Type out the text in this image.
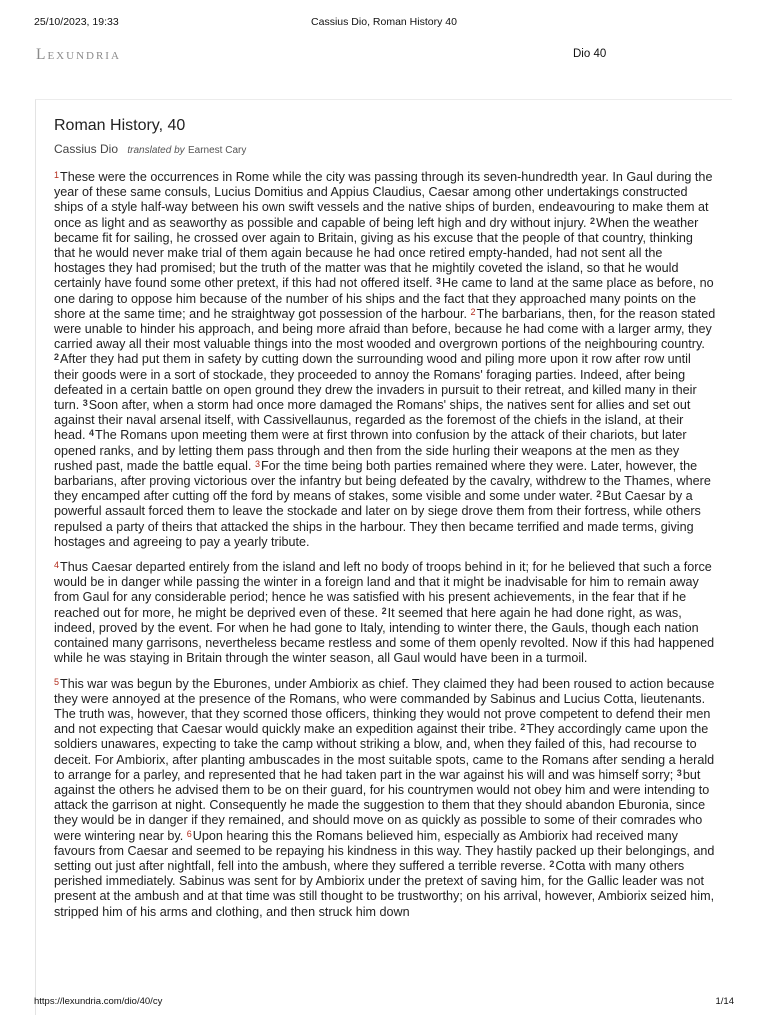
25/10/2023, 19:33	Cassius Dio, Roman History 40
Lexundria	Dio 40
Roman History, 40
Cassius Dio translated by Earnest Cary

$^1$These were the occurrences in Rome while the city was passing through its seven-hundredth year. In Gaul during the year of these same consuls, Lucius Domitius and Appius Claudius, Caesar among other undertakings constructed ships of a style half-way between his own swift vessels and the native ships of burden, endeavouring to make them at once as light and as seaworthy as possible and capable of being left high and dry without injury. $^2$When the weather became fit for sailing, he crossed over again to Britain, giving as his excuse that the people of that country, thinking that he would never make trial of them again because he had once retired empty-handed, had not sent all the hostages they had promised; but the truth of the matter was that he mightily coveted the island, so that he would certainly have found some other pretext, if this had not offered itself. $^3$He came to land at the same place as before, no one daring to oppose him because of the number of his ships and the fact that they approached many points on the shore at the same time; and he straightway got possession of the harbour. $^2$The barbarians, then, for the reason stated were unable to hinder his approach, and being more afraid than before, because he had come with a larger army, they carried away all their most valuable things into the most wooded and overgrown portions of the neighbouring country. $^2$After they had put them in safety by cutting down the surrounding wood and piling more upon it row after row until their goods were in a sort of stockade, they proceeded to annoy the Romans' foraging parties. Indeed, after being defeated in a certain battle on open ground they drew the invaders in pursuit to their retreat, and killed many in their turn. $^3$Soon after, when a storm had once more damaged the Romans' ships, the natives sent for allies and set out against their naval arsenal itself, with Cassivellaunus, regarded as the foremost of the chiefs in the island, at their head. $^4$The Romans upon meeting them were at first thrown into confusion by the attack of their chariots, but later opened ranks, and by letting them pass through and then from the side hurling their weapons at the men as they rushed past, made the battle equal. $^3$For the time being both parties remained where they were. Later, however, the barbarians, after proving victorious over the infantry but being defeated by the cavalry, withdrew to the Thames, where they encamped after cutting off the ford by means of stakes, some visible and some under water. $^2$But Caesar by a powerful assault forced them to leave the stockade and later on by siege drove them from their fortress, while others repulsed a party of theirs that attacked the ships in the harbour. They then became terrified and made terms, giving hostages and agreeing to pay a yearly tribute.

$^4$Thus Caesar departed entirely from the island and left no body of troops behind in it; for he believed that such a force would be in danger while passing the winter in a foreign land and that it might be inadvisable for him to remain away from Gaul for any considerable period; hence he was satisfied with his present achievements, in the fear that if he reached out for more, he might be deprived even of these. $^2$It seemed that here again he had done right, as was, indeed, proved by the event. For when he had gone to Italy, intending to winter there, the Gauls, though each nation contained many garrisons, nevertheless became restless and some of them openly revolted. Now if this had happened while he was staying in Britain through the winter season, all Gaul would have been in a turmoil.

$^5$This war was begun by the Eburones, under Ambiorix as chief. They claimed they had been roused to action because they were annoyed at the presence of the Romans, who were commanded by Sabinus and Lucius Cotta, lieutenants. The truth was, however, that they scorned those officers, thinking they would not prove competent to defend their men and not expecting that Caesar would quickly make an expedition against their tribe. $^2$They accordingly came upon the soldiers unawares, expecting to take the camp without striking a blow, and, when they failed of this, had recourse to deceit. For Ambiorix, after planting ambuscades in the most suitable spots, came to the Romans after sending a herald to arrange for a parley, and represented that he had taken part in the war against his will and was himself sorry; $^3$but against the others he advised them to be on their guard, for his countrymen would not obey him and were intending to attack the garrison at night. Consequently he made the suggestion to them that they should abandon Eburonia, since they would be in danger if they remained, and should move on as quickly as possible to some of their comrades who were wintering near by. $^6$Upon hearing this the Romans believed him, especially as Ambiorix had received many favours from Caesar and seemed to be repaying his kindness in this way. They hastily packed up their belongings, and setting out just after nightfall, fell into the ambush, where they suffered a terrible reverse. $^2$Cotta with many others perished immediately. Sabinus was sent for by Ambiorix under the pretext of saving him, for the Gallic leader was not present at the ambush and at that time was still thought to be trustworthy; on his arrival, however, Ambiorix seized him, stripped him of his arms and clothing, and then struck him down

https://lexundria.com/dio/40/cy	1/14
